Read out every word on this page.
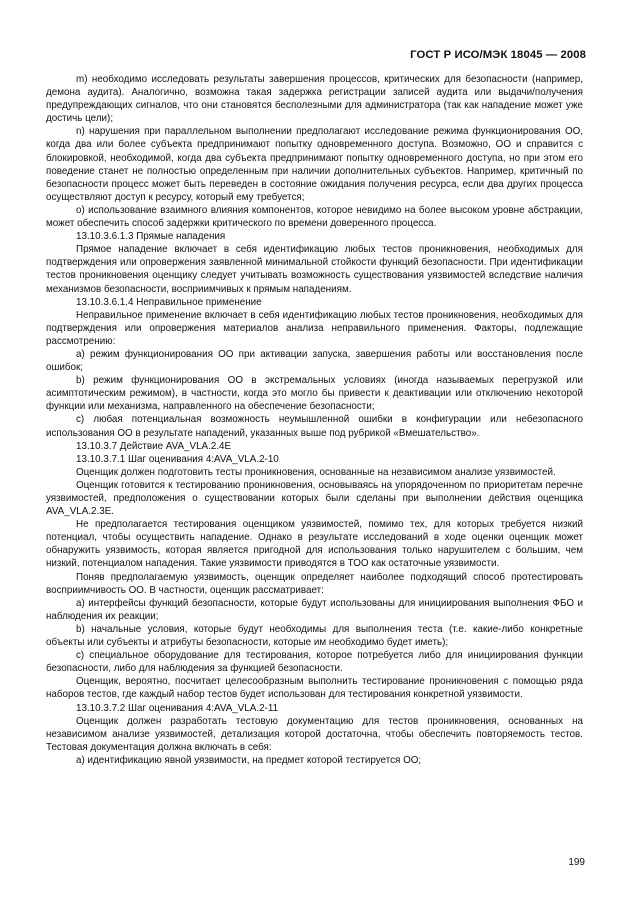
ГОСТ Р ИСО/МЭК 18045 — 2008

m) необходимо исследовать результаты завершения процессов, критических для безопасности (например, демона аудита). Аналогично, возможна такая задержка регистрации записей аудита или выдачи/получения предупреждающих сигналов, что они становятся бесполезными для администратора (так как нападение может уже достичь цели);

n) нарушения при параллельном выполнении предполагают исследование режима функционирования ОО, когда два или более субъекта предпринимают попытку одновременного доступа. Возможно, ОО и справится с блокировкой, необходимой, когда два субъекта предпринимают попытку одновременного доступа, но при этом его поведение станет не полностью определенным при наличии дополнительных субъектов. Например, критичный по безопасности процесс может быть переведен в состояние ожидания получения ресурса, если два других процесса осуществляют доступ к ресурсу, который ему требуется;

o) использование взаимного влияния компонентов, которое невидимо на более высоком уровне абстракции, может обеспечить способ задержки критического по времени доверенного процесса.

13.10.3.6.1.3 Прямые нападения

Прямое нападение включает в себя идентификацию любых тестов проникновения, необходимых для подтверждения или опровержения заявленной минимальной стойкости функций безопасности. При идентификации тестов проникновения оценщику следует учитывать возможность существования уязвимостей вследствие наличия механизмов безопасности, восприимчивых к прямым нападениям.

13.10.3.6.1.4 Неправильное применение

Неправильное применение включает в себя идентификацию любых тестов проникновения, необходимых для подтверждения или опровержения материалов анализа неправильного применения. Факторы, подлежащие рассмотрению:

a) режим функционирования ОО при активации запуска, завершения работы или восстановления после ошибок;

b) режим функционирования ОО в экстремальных условиях (иногда называемых перегрузкой или асимптотическим режимом), в частности, когда это могло бы привести к деактивации или отключению некоторой функции или механизма, направленного на обеспечение безопасности;

c) любая потенциальная возможность неумышленной ошибки в конфигурации или небезопасного использования ОО в результате нападений, указанных выше под рубрикой «Вмешательство».

13.10.3.7 Действие AVA_VLA.2.4E

13.10.3.7.1 Шаг оценивания 4:AVA_VLA.2-10

Оценщик должен подготовить тесты проникновения, основанные на независимом анализе уязвимостей.

Оценщик готовится к тестированию проникновения, основываясь на упорядоченном по приоритетам перечне уязвимостей, предположения о существовании которых были сделаны при выполнении действия оценщика AVA_VLA.2.3E.

Не предполагается тестирования оценщиком уязвимостей, помимо тех, для которых требуется низкий потенциал, чтобы осуществить нападение. Однако в результате исследований в ходе оценки оценщик может обнаружить уязвимость, которая является пригодной для использования только нарушителем с большим, чем низкий, потенциалом нападения. Такие уязвимости приводятся в ТОО как остаточные уязвимости.

Поняв предполагаемую уязвимость, оценщик определяет наиболее подходящий способ протестировать восприимчивость ОО. В частности, оценщик рассматривает:

a) интерфейсы функций безопасности, которые будут использованы для инициирования выполнения ФБО и наблюдения их реакции;

b) начальные условия, которые будут необходимы для выполнения теста (т.е. какие-либо конкретные объекты или субъекты и атрибуты безопасности, которые им необходимо будет иметь);

c) специальное оборудование для тестирования, которое потребуется либо для инициирования функции безопасности, либо для наблюдения за функцией безопасности.

Оценщик, вероятно, посчитает целесообразным выполнить тестирование проникновения с помощью ряда наборов тестов, где каждый набор тестов будет использован для тестирования конкретной уязвимости.

13.10.3.7.2 Шаг оценивания 4:AVA_VLA.2-11

Оценщик должен разработать тестовую документацию для тестов проникновения, основанных на независимом анализе уязвимостей, детализация которой достаточна, чтобы обеспечить повторяемость тестов. Тестовая документация должна включать в себя:

a) идентификацию явной уязвимости, на предмет которой тестируется ОО;

199
